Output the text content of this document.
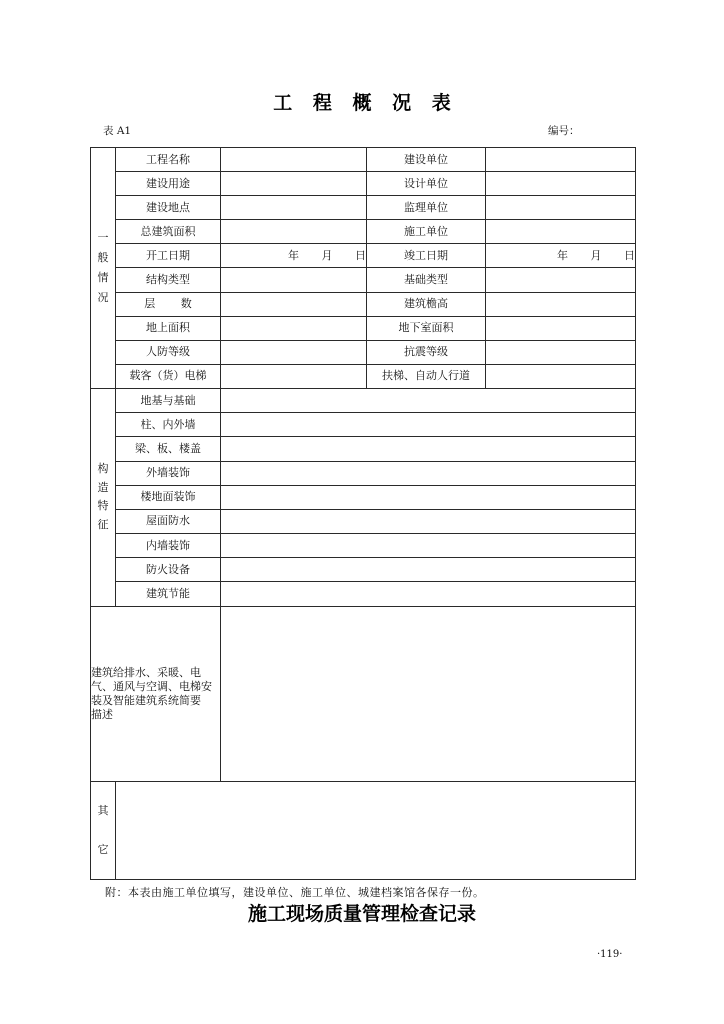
工 程 概 况 表
表 A1	编号：
一般情况	工程名称		建设单位	
	建设用途		设计单位	
	建设地点		监理单位	
	总建筑面积		施工单位	
	开工日期	年 月 日	竣工日期	年 月 日
	结构类型		基础类型	
	层 数		建筑檐高	
	地上面积		地下室面积	
	人防等级		抗震等级	
	载客（货）电梯		扶梯、自动人行道	
构造特征	地基与基础			
	柱、内外墙			
	梁、板、楼盖			
	外墙装饰			
	楼地面装饰			
	屋面防水			
	内墙装饰			
	防火设备			
	建筑节能			
建筑给排水、采暖、电
气、通风与空调、电梯安
装及智能建筑系统简要
描述				
其它				
附：本表由施工单位填写，建设单位、施工单位、城建档案馆各保存一份。
施工现场质量管理检查记录
·119·
